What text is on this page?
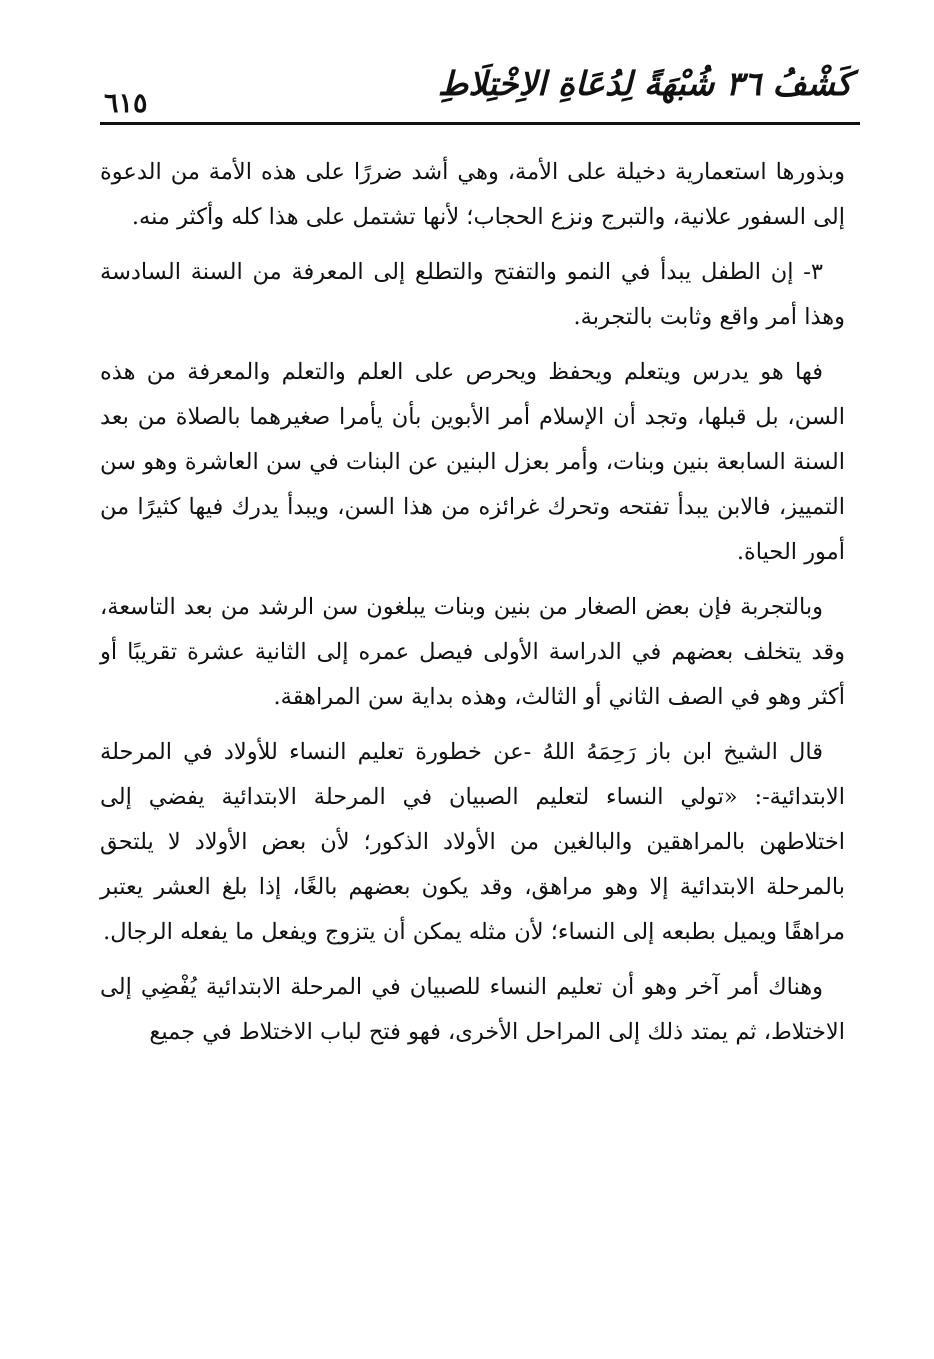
كَشْفُ ٣٦ شُبْهَةً لِدُعَاةِ الاِخْتِلَاطِ
٦١٥

وبذورها استعمارية دخيلة على الأمة، وهي أشد ضررًا على هذه الأمة من الدعوة إلى السفور علانية، والتبرج ونزع الحجاب؛ لأنها تشتمل على هذا كله وأكثر منه.

٣- إن الطفل يبدأ في النمو والتفتح والتطلع إلى المعرفة من السنة السادسة وهذا أمر واقع وثابت بالتجربة.

فها هو يدرس ويتعلم ويحفظ ويحرص على العلم والتعلم والمعرفة من هذه السن، بل قبلها، وتجد أن الإسلام أمر الأبوين بأن يأمرا صغيرهما بالصلاة من بعد السنة السابعة بنين وبنات، وأمر بعزل البنين عن البنات في سن العاشرة وهو سن التمييز، فالابن يبدأ تفتحه وتحرك غرائزه من هذا السن، ويبدأ يدرك فيها كثيرًا من أمور الحياة.

وبالتجربة فإن بعض الصغار من بنين وبنات يبلغون سن الرشد من بعد التاسعة، وقد يتخلف بعضهم في الدراسة الأولى فيصل عمره إلى الثانية عشرة تقريبًا أو أكثر وهو في الصف الثاني أو الثالث، وهذه بداية سن المراهقة.

قال الشيخ ابن باز رَحِمَهُ اللهُ -عن خطورة تعليم النساء للأولاد في المرحلة الابتدائية-: «تولي النساء لتعليم الصبيان في المرحلة الابتدائية يفضي إلى اختلاطهن بالمراهقين والبالغين من الأولاد الذكور؛ لأن بعض الأولاد لا يلتحق بالمرحلة الابتدائية إلا وهو مراهق، وقد يكون بعضهم بالغًا، إذا بلغ العشر يعتبر مراهقًا ويميل بطبعه إلى النساء؛ لأن مثله يمكن أن يتزوج ويفعل ما يفعله الرجال.

وهناك أمر آخر وهو أن تعليم النساء للصبيان في المرحلة الابتدائية يُفْضِي إلى الاختلاط، ثم يمتد ذلك إلى المراحل الأخرى، فهو فتح لباب الاختلاط في جميع
